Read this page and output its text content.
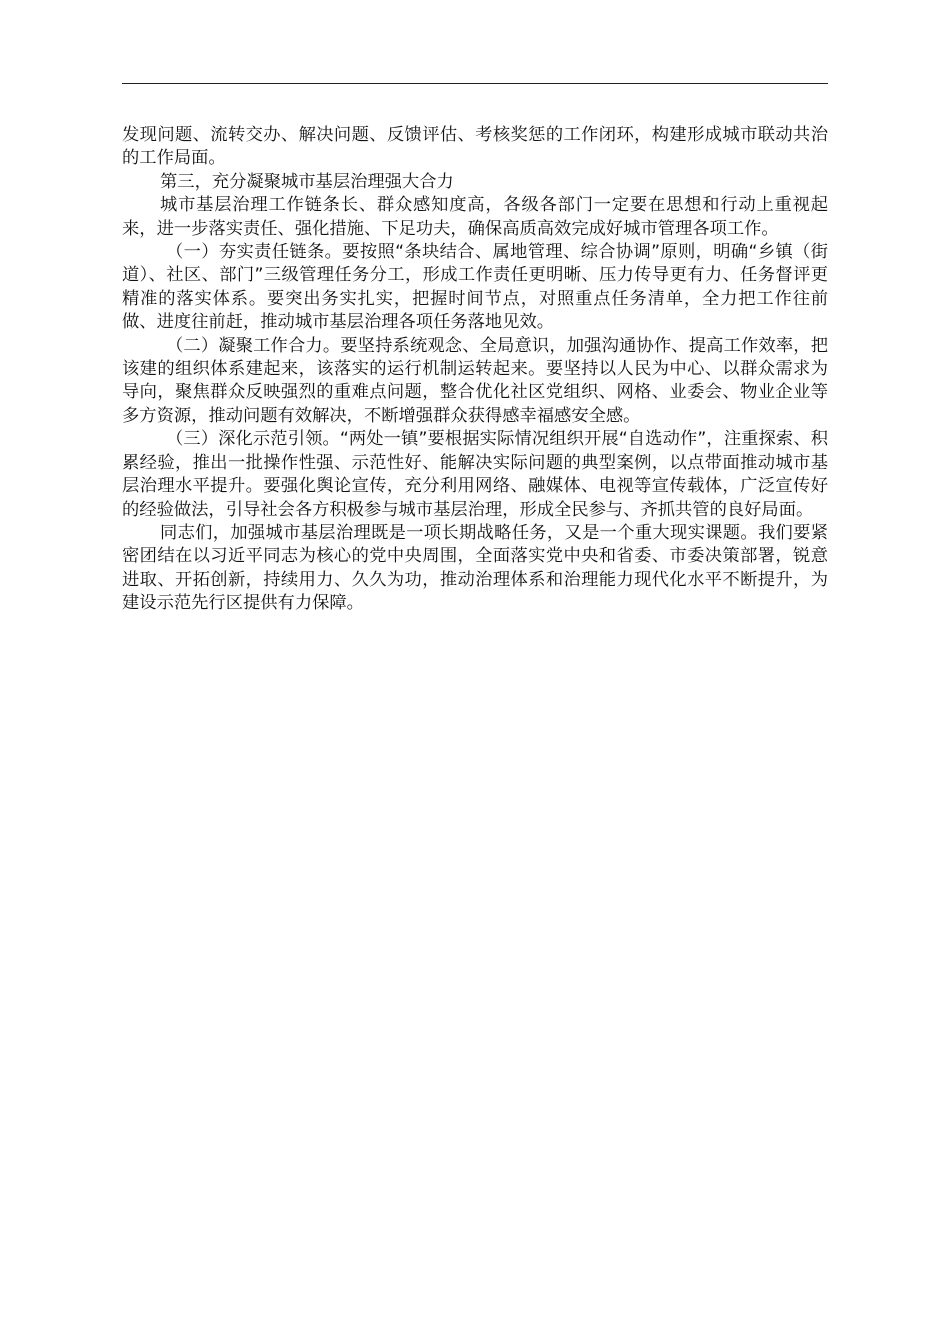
发现问题、流转交办、解决问题、反馈评估、考核奖惩的工作闭环，构建形成城市联动共治的工作局面。

第三，充分凝聚城市基层治理强大合力

城市基层治理工作链条长、群众感知度高，各级各部门一定要在思想和行动上重视起来，进一步落实责任、强化措施、下足功夫，确保高质高效完成好城市管理各项工作。

（一）夯实责任链条。要按照“条块结合、属地管理、综合协调”原则，明确“乡镇（街道）、社区、部门”三级管理任务分工，形成工作责任更明晰、压力传导更有力、任务督评更精准的落实体系。要突出务实扎实，把握时间节点，对照重点任务清单，全力把工作往前做、进度往前赶，推动城市基层治理各项任务落地见效。

（二）凝聚工作合力。要坚持系统观念、全局意识，加强沟通协作、提高工作效率，把该建的组织体系建起来，该落实的运行机制运转起来。要坚持以人民为中心、以群众需求为导向，聚焦群众反映强烈的重难点问题，整合优化社区党组织、网格、业委会、物业企业等多方资源，推动问题有效解决，不断增强群众获得感幸福感安全感。

（三）深化示范引领。“两处一镇”要根据实际情况组织开展“自选动作”，注重探索、积累经验，推出一批操作性强、示范性好、能解决实际问题的典型案例，以点带面推动城市基层治理水平提升。要强化舆论宣传，充分利用网络、融媒体、电视等宣传载体，广泛宣传好的经验做法，引导社会各方积极参与城市基层治理，形成全民参与、齐抓共管的良好局面。

同志们，加强城市基层治理既是一项长期战略任务，又是一个重大现实课题。我们要紧密团结在以习近平同志为核心的党中央周围，全面落实党中央和省委、市委决策部署，锐意进取、开拓创新，持续用力、久久为功，推动治理体系和治理能力现代化水平不断提升，为建设示范先行区提供有力保障。
